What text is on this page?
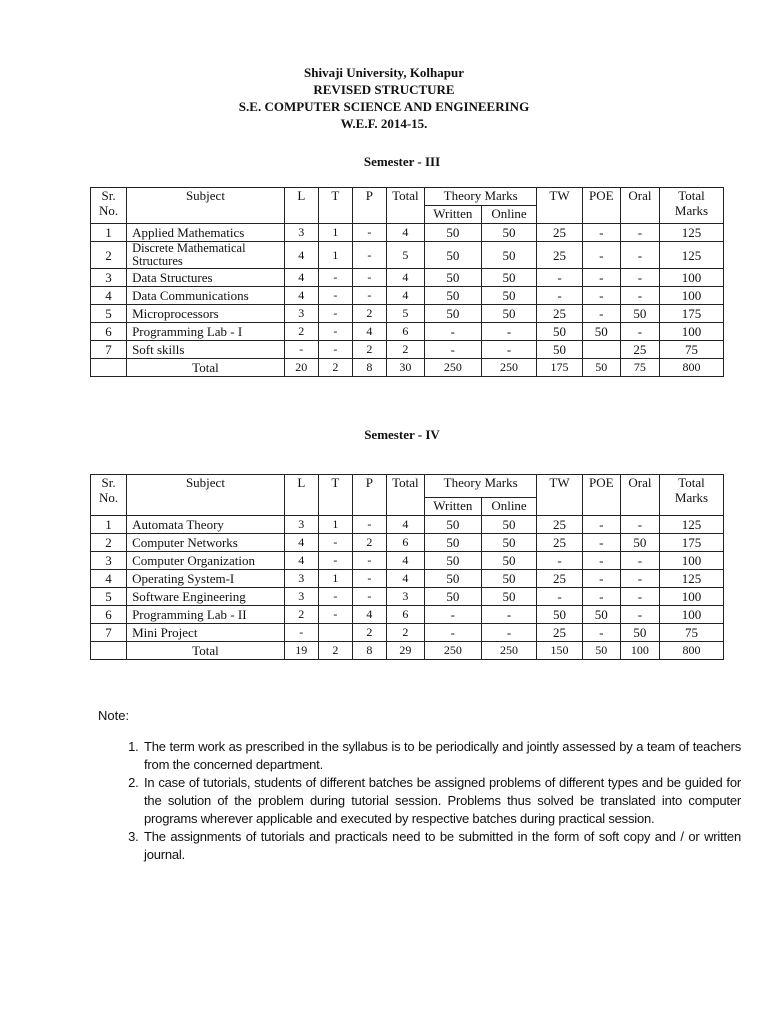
Shivaji University, Kolhapur
REVISED STRUCTURE
S.E. COMPUTER SCIENCE AND ENGINEERING
W.E.F. 2014-15.
Semester - III
Sr.
No.	Subject	L	T	P	Total	Theory Marks		TW	POE	Oral	Total
Marks
						Written	Online				
1	Applied Mathematics	3	1	-	4	50	50	25	-	-	125
2	Discrete Mathematical Structures	4	1	-	5	50	50	25	-	-	125
3	Data Structures	4	-	-	4	50	50	-	-	-	100
4	Data Communications	4	-	-	4	50	50	-	-	-	100
5	Microprocessors	3	-	2	5	50	50	25	-	50	175
6	Programming Lab - I	2	-	4	6	-	-	50	50	-	100
7	Soft skills	-	-	2	2	-	-	50		25	75
	Total	20	2	8	30	250	250	175	50	75	800
Semester - IV
Sr.
No.	Subject	L	T	P	Total	Theory Marks		TW	POE	Oral	Total
Marks
						Written	Online				
1	Automata Theory	3	1	-	4	50	50	25	-	-	125
2	Computer Networks	4	-	2	6	50	50	25	-	50	175
3	Computer Organization	4	-	-	4	50	50	-	-	-	100
4	Operating System-I	3	1	-	4	50	50	25	-	-	125
5	Software Engineering	3	-	-	3	50	50	-	-	-	100
6	Programming Lab - II	2	-	4	6	-	-	50	50	-	100
7	Mini Project	-		2	2	-	-	25	-	50	75
	Total	19	2	8	29	250	250	150	50	100	800
Note:
1. The term work as prescribed in the syllabus is to be periodically and jointly assessed by a team of teachers from the concerned department.
2. In case of tutorials, students of different batches be assigned problems of different types and be guided for the solution of the problem during tutorial session. Problems thus solved be translated into computer programs wherever applicable and executed by respective batches during practical session.
3. The assignments of tutorials and practicals need to be submitted in the form of soft copy and / or written journal.
